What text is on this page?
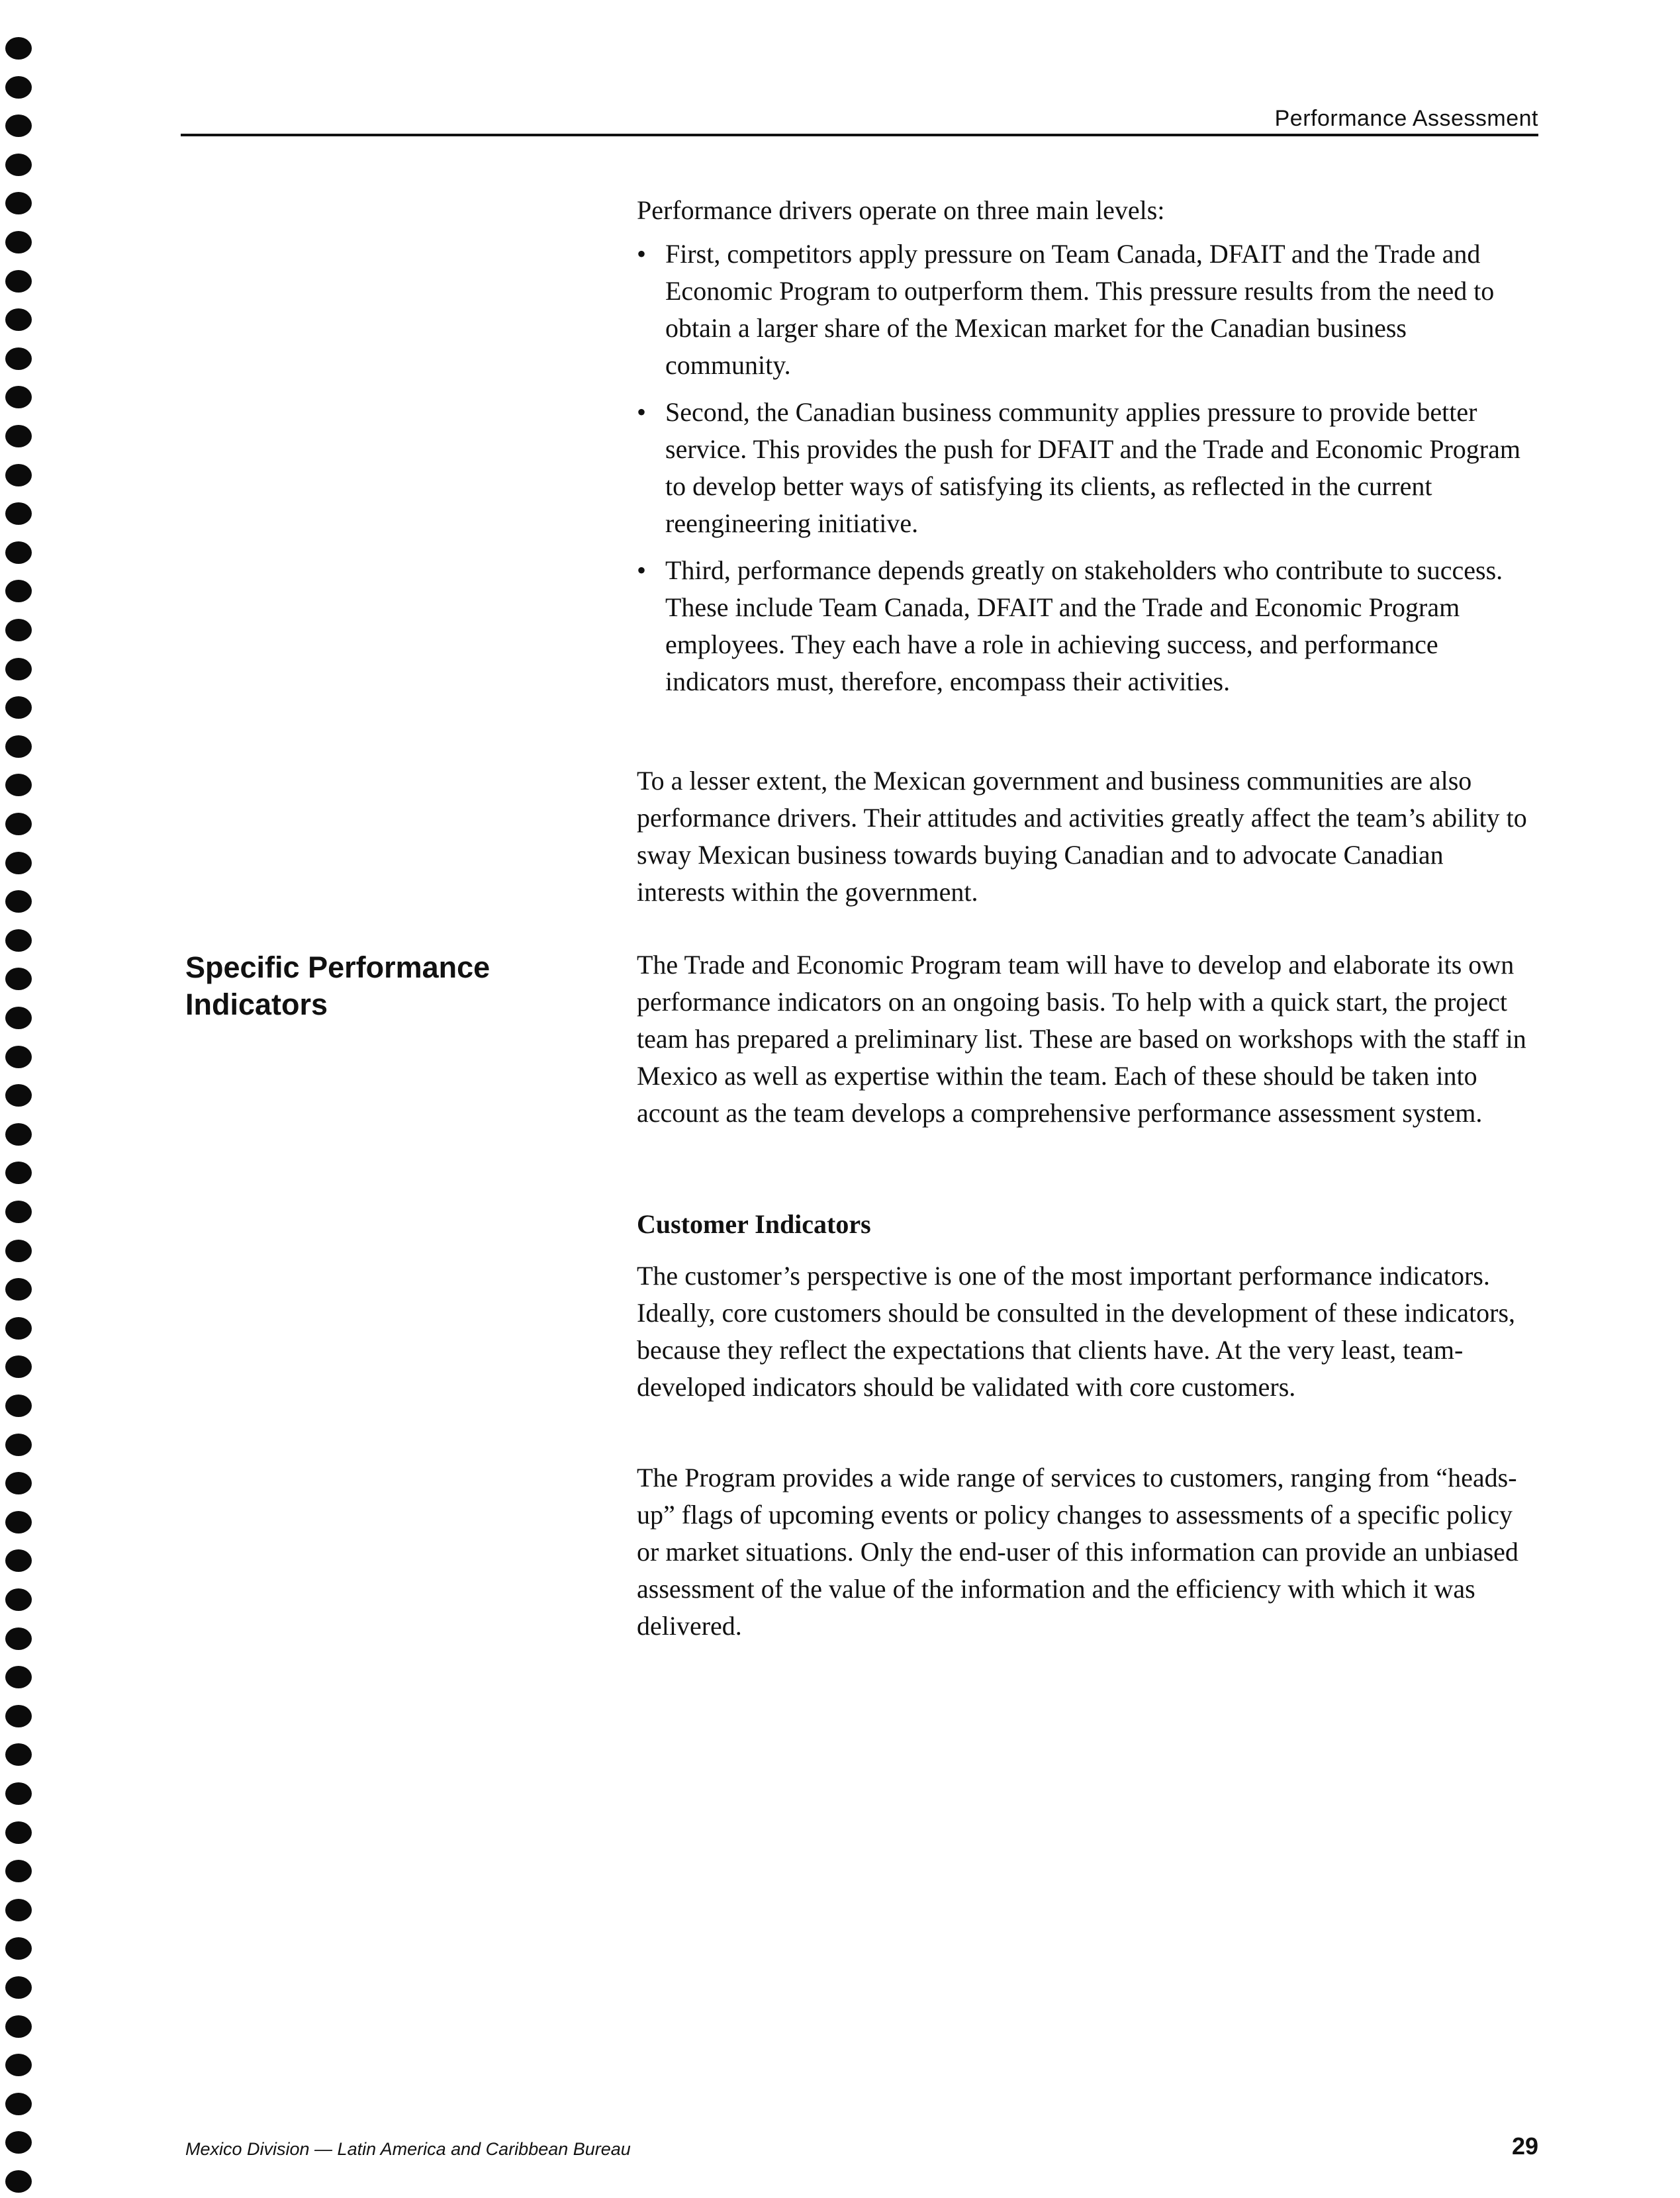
Performance Assessment

Performance drivers operate on three main levels:

• First, competitors apply pressure on Team Canada, DFAIT and the Trade and Economic Program to outperform them. This pressure results from the need to obtain a larger share of the Mexican market for the Canadian business community.
• Second, the Canadian business community applies pressure to provide better service. This provides the push for DFAIT and the Trade and Economic Program to develop better ways of satisfying its clients, as reflected in the current reengineering initiative.
• Third, performance depends greatly on stakeholders who contribute to success. These include Team Canada, DFAIT and the Trade and Economic Program employees. They each have a role in achieving success, and performance indicators must, therefore, encompass their activities.

To a lesser extent, the Mexican government and business communities are also performance drivers. Their attitudes and activities greatly affect the team’s ability to sway Mexican business towards buying Canadian and to advocate Canadian interests within the government.

Specific Performance Indicators

The Trade and Economic Program team will have to develop and elaborate its own performance indicators on an ongoing basis. To help with a quick start, the project team has prepared a preliminary list. These are based on workshops with the staff in Mexico as well as expertise within the team. Each of these should be taken into account as the team develops a comprehensive performance assessment system.

Customer Indicators

The customer’s perspective is one of the most important performance indicators. Ideally, core customers should be consulted in the development of these indicators, because they reflect the expectations that clients have. At the very least, team-developed indicators should be validated with core customers.

The Program provides a wide range of services to customers, ranging from “heads-up” flags of upcoming events or policy changes to assessments of a specific policy or market situations. Only the end-user of this information can provide an unbiased assessment of the value of the information and the efficiency with which it was delivered.

Mexico Division — Latin America and Caribbean Bureau	29
